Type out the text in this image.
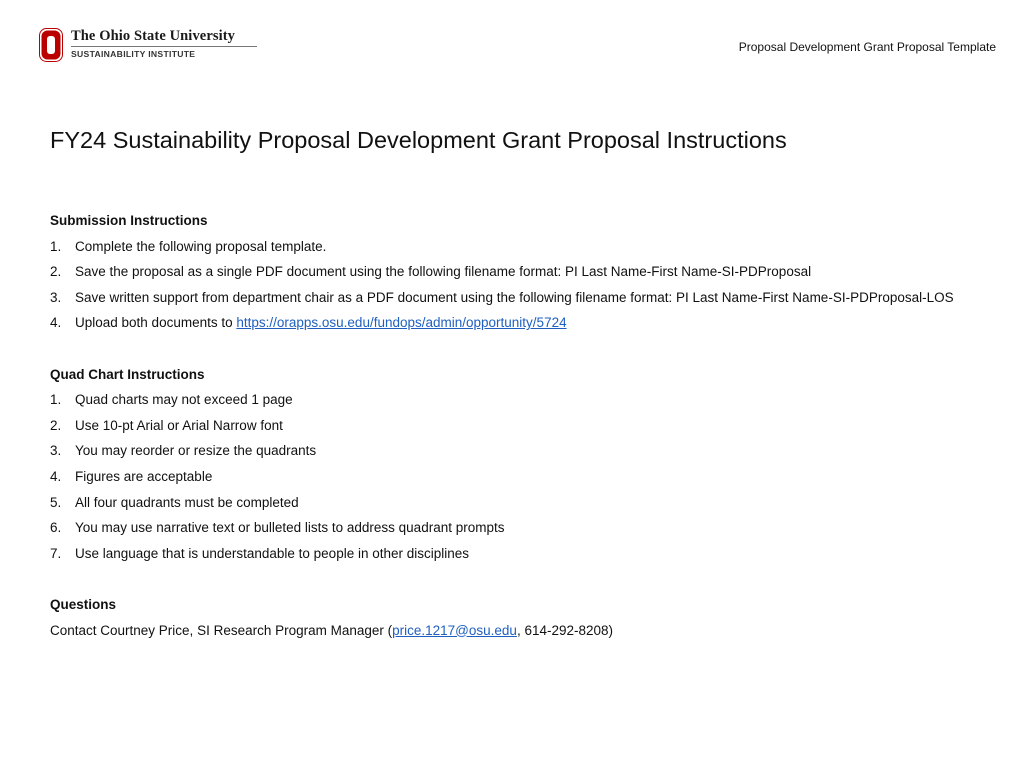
The Ohio State University
SUSTAINABILITY INSTITUTE	Proposal Development Grant Proposal Template
FY24 Sustainability Proposal Development Grant Proposal Instructions
Submission Instructions
1. Complete the following proposal template.
2. Save the proposal as a single PDF document using the following filename format: PI Last Name-First Name-SI-PDProposal
3. Save written support from department chair as a PDF document using the following filename format: PI Last Name-First Name-SI-PDProposal-LOS
4. Upload both documents to https://orapps.osu.edu/fundops/admin/opportunity/5724
Quad Chart Instructions
1. Quad charts may not exceed 1 page
2. Use 10-pt Arial or Arial Narrow font
3. You may reorder or resize the quadrants
4. Figures are acceptable
5. All four quadrants must be completed
6. You may use narrative text or bulleted lists to address quadrant prompts
7. Use language that is understandable to people in other disciplines
Questions
Contact Courtney Price, SI Research Program Manager (price.1217@osu.edu, 614-292-8208)
